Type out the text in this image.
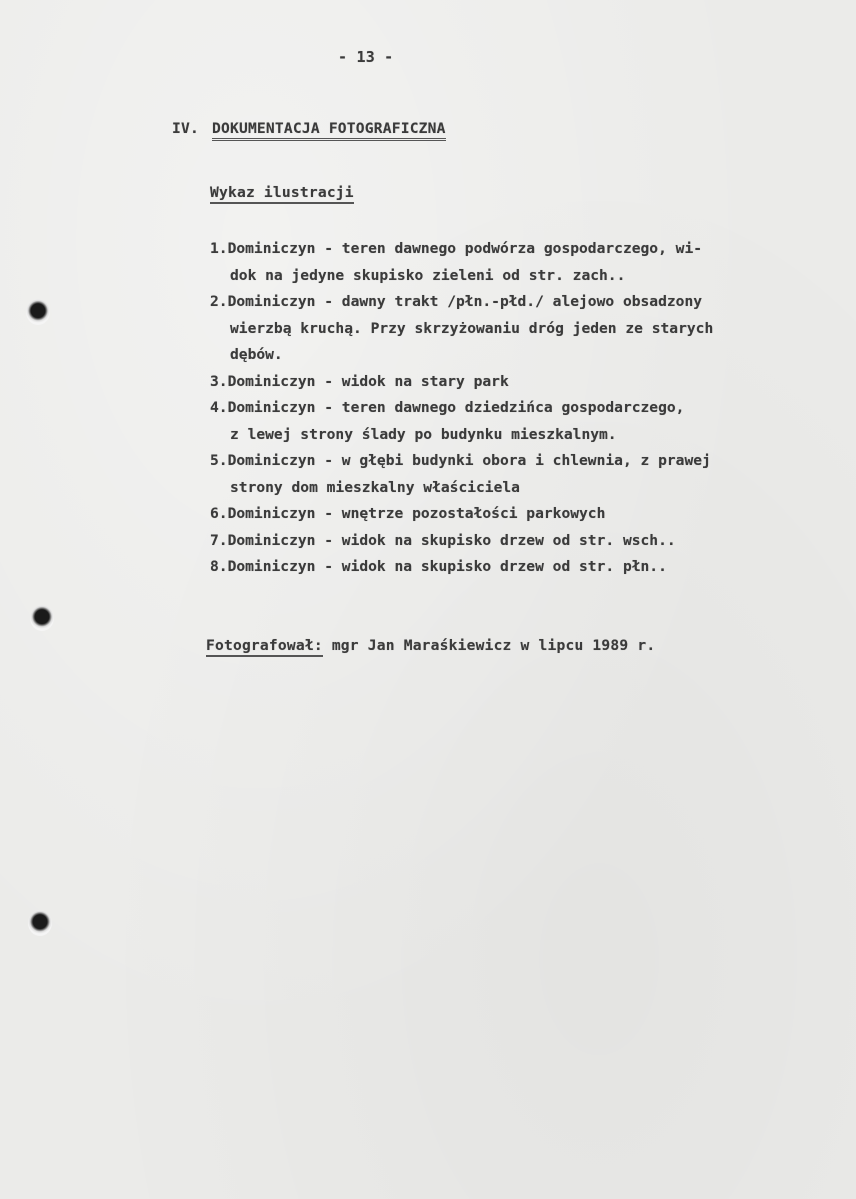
- 13 -
IV. DOKUMENTACJA FOTOGRAFICZNA
Wykaz ilustracji
1.Dominiczyn - teren dawnego podwórza gospodarczego, wi-
dok na jedyne skupisko zieleni od str. zach..
2.Dominiczyn - dawny trakt /płn.-płd./ alejowo obsadzony
wierzbą kruchą. Przy skrzyżowaniu dróg jeden ze starych
dębów.
3.Dominiczyn - widok na stary park
4.Dominiczyn - teren dawnego dziedzińca gospodarczego,
z lewej strony ślady po budynku mieszkalnym.
5.Dominiczyn - w głębi budynki obora i chlewnia, z prawej
strony dom mieszkalny właściciela
6.Dominiczyn - wnętrze pozostałości parkowych
7.Dominiczyn - widok na skupisko drzew od str. wsch..
8.Dominiczyn - widok na skupisko drzew od str. płn..
Fotografował: mgr Jan Maraśkiewicz w lipcu 1989 r.
